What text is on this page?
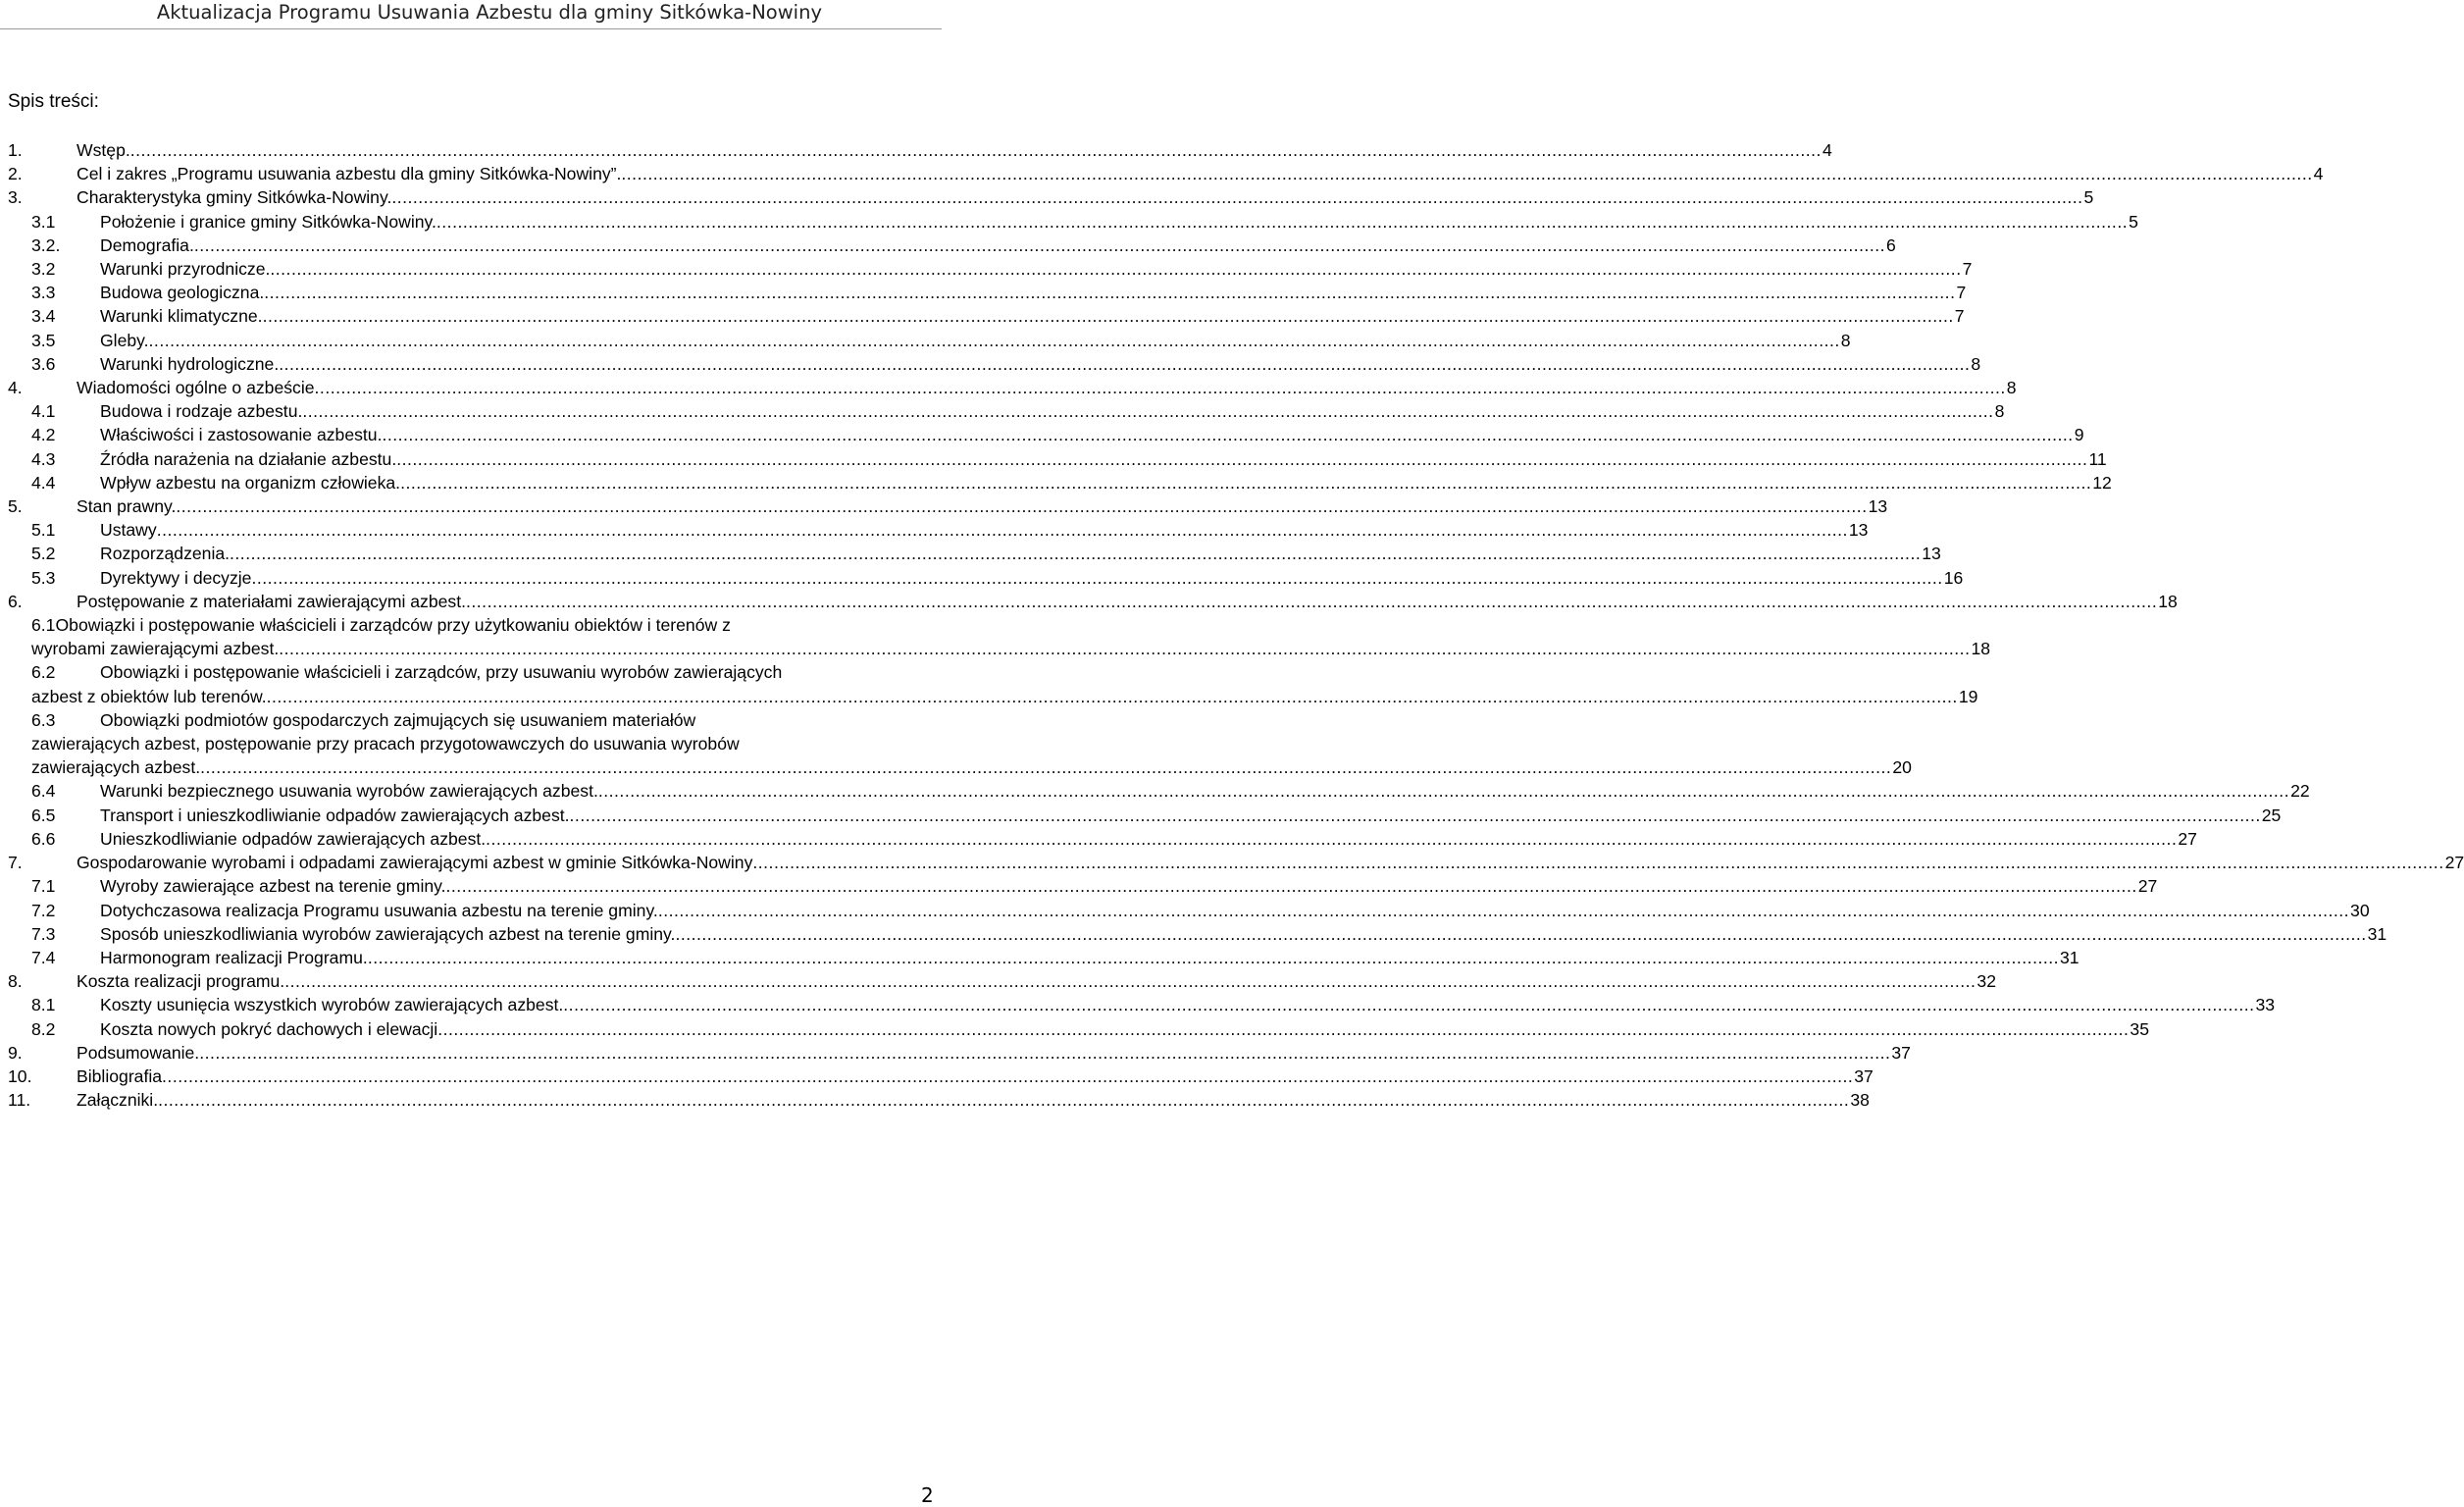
Aktualizacja Programu Usuwania Azbestu dla gminy Sitkówka-Nowiny
Spis treści:
1.	Wstęp. .....	4
2.	Cel i zakres „Programu usuwania azbestu dla gminy Sitkówka-Nowiny”. .....	4
3.	Charakterystyka gminy Sitkówka-Nowiny. .....	5
3.1	Położenie i granice gminy Sitkówka-Nowiny. .....	5
3.2.	Demografia. .....	6
3.2	Warunki przyrodnicze. .....	7
3.3	Budowa geologiczna. .....	7
3.4	Warunki klimatyczne. .....	7
3.5	Gleby. .....	8
3.6	Warunki hydrologiczne. .....	8
4.	Wiadomości ogólne o azbeście .....	8
4.1	Budowa i rodzaje azbestu. .....	8
4.2	Właściwości i zastosowanie azbestu. .....	9
4.3	Źródła narażenia na działanie azbestu. .....	11
4.4	Wpływ azbestu na organizm człowieka. .....	12
5.	Stan prawny. .....	13
5.1	Ustawy .....	13
5.2	Rozporządzenia. .....	13
5.3	Dyrektywy i decyzje .....	16
6.	Postępowanie z materiałami zawierającymi azbest. .....	18
6.1 Obowiązki i postępowanie właścicieli i zarządców przy użytkowaniu obiektów i terenów z
wyrobami zawierającymi azbest. .....	18
6.2	Obowiązki i postępowanie właścicieli i zarządców, przy usuwaniu wyrobów zawierających
azbest z obiektów lub terenów. .....	19
6.3	Obowiązki podmiotów gospodarczych zajmujących się usuwaniem materiałów
zawierających azbest, postępowanie przy pracach przygotowawczych do usuwania wyrobów
zawierających azbest. .....	20
6.4	Warunki bezpiecznego usuwania wyrobów zawierających azbest. .....	22
6.5	Transport i unieszkodliwianie odpadów zawierających azbest. .....	25
6.6	Unieszkodliwianie odpadów zawierających azbest. .....	27
7.	Gospodarowanie wyrobami i odpadami zawierającymi azbest w gminie Sitkówka-Nowiny .....	27
7.1	Wyroby zawierające azbest na terenie gminy. .....	27
7.2	Dotychczasowa realizacja Programu usuwania azbestu na terenie gminy. .....	30
7.3	Sposób unieszkodliwiania wyrobów zawierających azbest na terenie gminy. .....	31
7.4	Harmonogram realizacji Programu. .....	31
8.	Koszta realizacji programu. .....	32
8.1	Koszty usunięcia wszystkich wyrobów zawierających azbest. .....	33
8.2	Koszta nowych pokryć dachowych i elewacji .....	35
9.	Podsumowanie. .....	37
10.	Bibliografia .....	37
11.	Załączniki. .....	38
2
